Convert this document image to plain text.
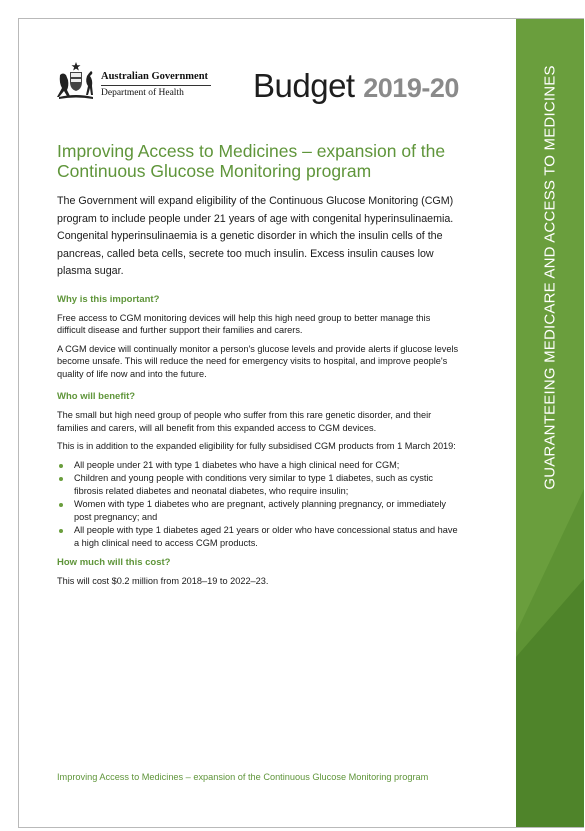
Australian Government
Department of Health Budget 2019-20
Improving Access to Medicines – expansion of the Continuous Glucose Monitoring program

The Government will expand eligibility of the Continuous Glucose Monitoring (CGM) program to include people under 21 years of age with congenital hyperinsulinaemia. Congenital hyperinsulinaemia is a genetic disorder in which the insulin cells of the pancreas, called beta cells, secrete too much insulin. Excess insulin causes low plasma sugar.

Why is this important?

Free access to CGM monitoring devices will help this high need group to better manage this difficult disease and further support their families and carers.

A CGM device will continually monitor a person's glucose levels and provide alerts if glucose levels become unsafe. This will reduce the need for emergency visits to hospital, and improve people's quality of life now and into the future.

Who will benefit?

The small but high need group of people who suffer from this rare genetic disorder, and their families and carers, will all benefit from this expanded access to CGM devices.

This is in addition to the expanded eligibility for fully subsidised CGM products from 1 March 2019:

All people under 21 with type 1 diabetes who have a high clinical need for CGM;
Children and young people with conditions very similar to type 1 diabetes, such as cystic fibrosis related diabetes and neonatal diabetes, who require insulin;
Women with type 1 diabetes who are pregnant, actively planning pregnancy, or immediately post pregnancy; and
All people with type 1 diabetes aged 21 years or older who have concessional status and have a high clinical need to access CGM products.
How much will this cost?

This will cost $0.2 million from 2018–19 to 2022–23.

Improving Access to Medicines – expansion of the Continuous Glucose Monitoring program
GUARANTEEING MEDICARE AND ACCESS TO MEDICINES
